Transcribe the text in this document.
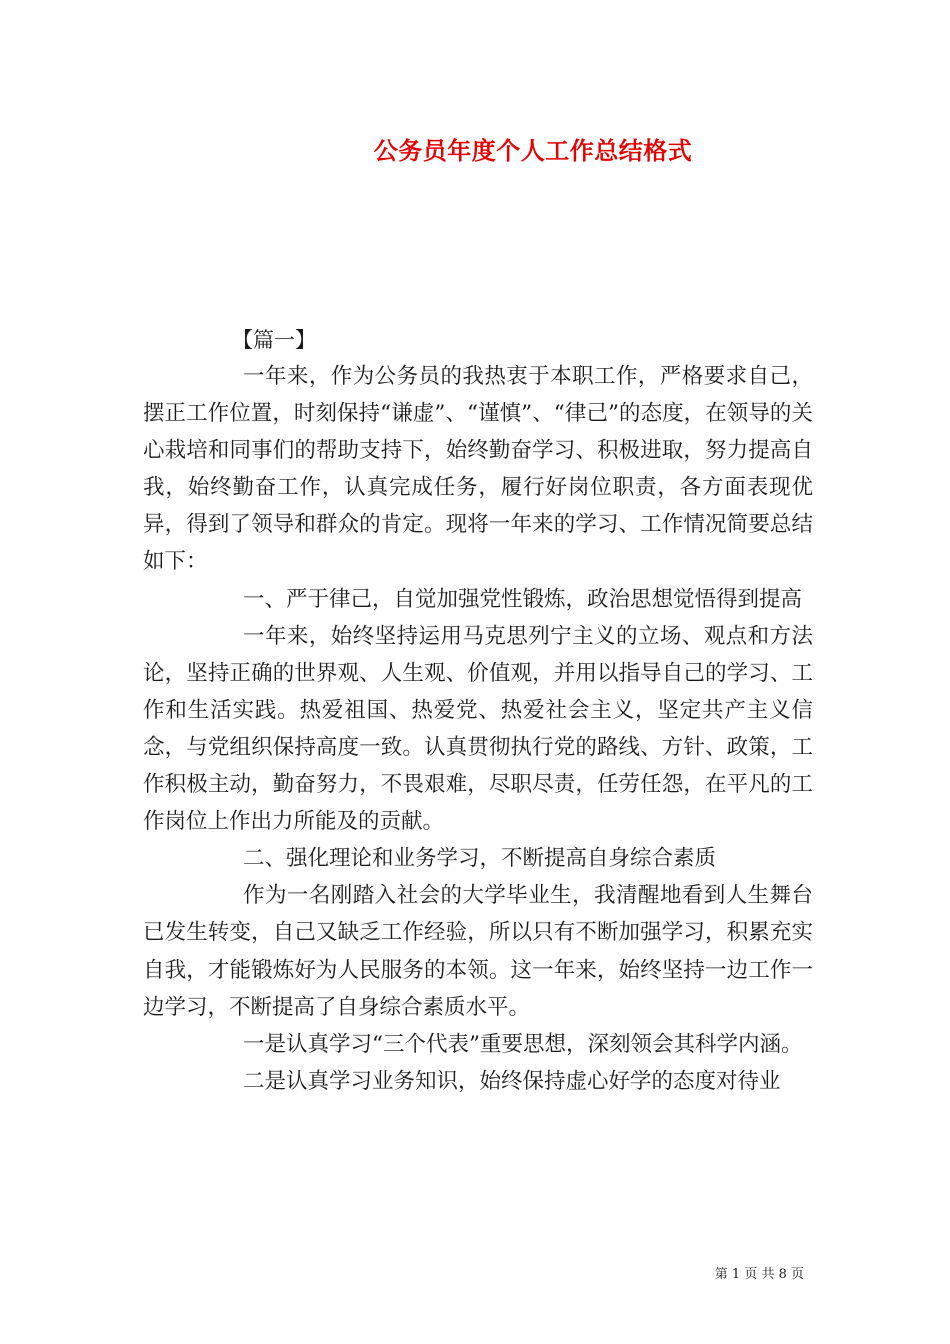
公务员年度个人工作总结格式
【篇一】

一年来，作为公务员的我热衷于本职工作，严格要求自己，摆正工作位置，时刻保持“谦虚”、“谨慎”、“律己”的态度，在领导的关心栽培和同事们的帮助支持下，始终勤奋学习、积极进取，努力提高自我，始终勤奋工作，认真完成任务，履行好岗位职责，各方面表现优异，得到了领导和群众的肯定。现将一年来的学习、工作情况简要总结如下：

一、严于律己，自觉加强党性锻炼，政治思想觉悟得到提高

一年来，始终坚持运用马克思列宁主义的立场、观点和方法论，坚持正确的世界观、人生观、价值观，并用以指导自己的学习、工作和生活实践。热爱祖国、热爱党、热爱社会主义，坚定共产主义信念，与党组织保持高度一致。认真贯彻执行党的路线、方针、政策，工作积极主动，勤奋努力，不畏艰难，尽职尽责，任劳任怨，在平凡的工作岗位上作出力所能及的贡献。

二、强化理论和业务学习，不断提高自身综合素质

作为一名刚踏入社会的大学毕业生，我清醒地看到人生舞台已发生转变，自己又缺乏工作经验，所以只有不断加强学习，积累充实自我，才能锻炼好为人民服务的本领。这一年来，始终坚持一边工作一边学习，不断提高了自身综合素质水平。

一是认真学习“三个代表”重要思想，深刻领会其科学内涵。

二是认真学习业务知识，始终保持虚心好学的态度对待业

第 1 页 共 8 页
